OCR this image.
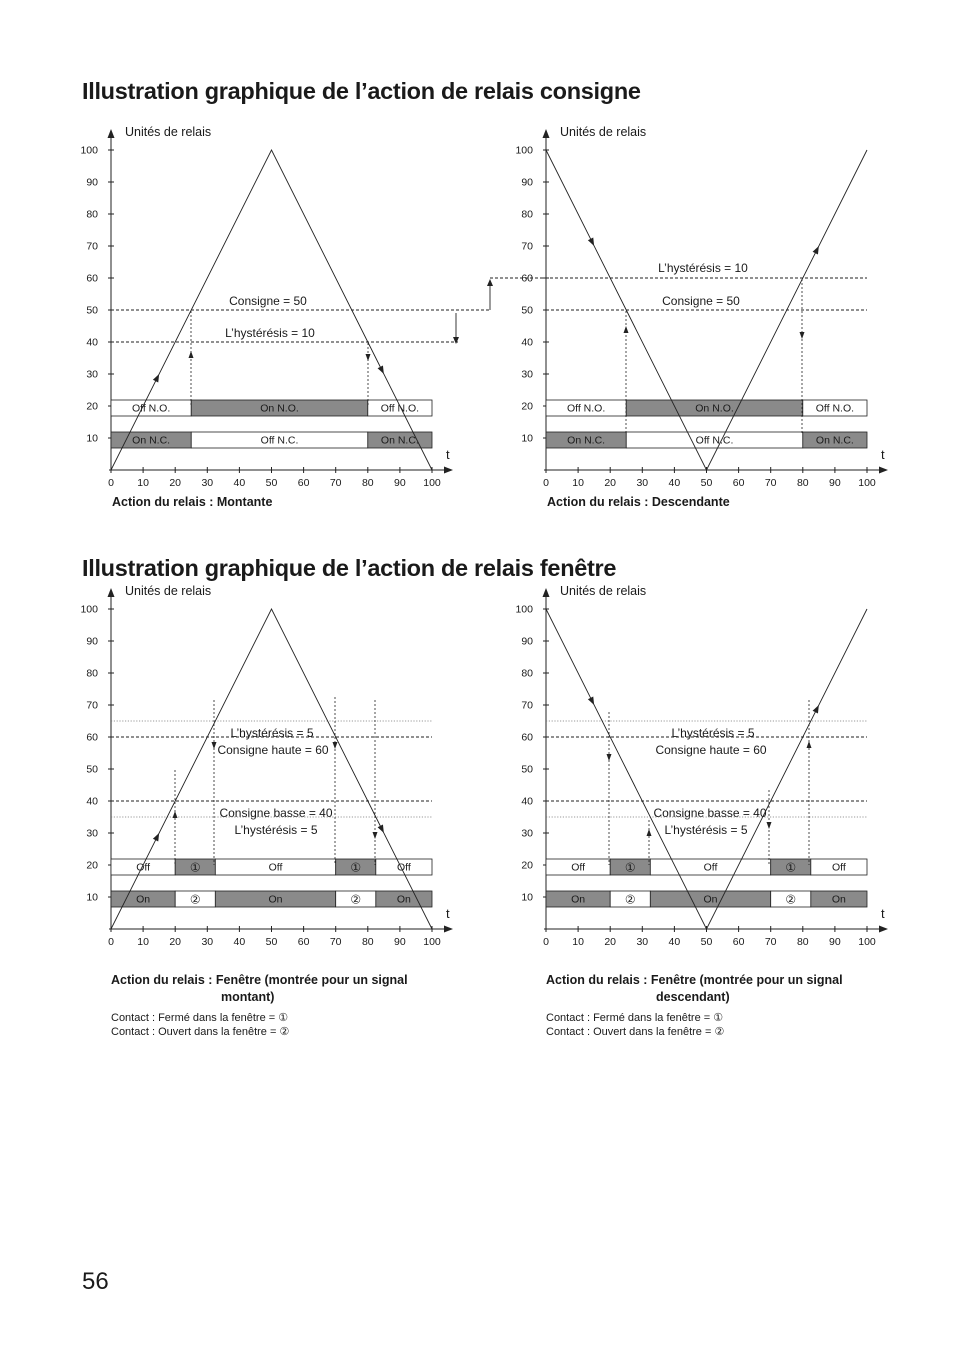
Illustration graphique de l’action de relais consigne
Illustration graphique de l’action de relais fenêtre
10
20
30
40
50
60
70
80
90
100
0 10 20 30 40 50 60 70 80 90 100
Unités de relais
t
Consigne = 50
L’hystérésis = 10
Off N.O.	On N.O.	Off N.O.
On N.C.	Off N.C.	On N.C.
Action du relais : Montante
10
20
30
40
50
60
70
80
90
100
0 10 20 30 40 50 60 70 80 90 100
Unités de relais
t
L’hystérésis = 10
Consigne = 50
Off N.O.	On N.O.	Off N.O.
On N.C.	Off N.C.	On N.C.
Action du relais : Descendante
10
20
30
40
50
60
70
80
90
100
0 10 20 30 40 50 60 70 80 90 100
Unités de relais
t
L’hystérésis = 5
Consigne haute = 60
Consigne basse = 40
L’hystérésis = 5
Off	①	Off	①	Off
On	②	On	②	On
Action du relais : Fenêtre (montrée pour un signal
montant)
Contact : Fermé dans la fenêtre = ①
Contact : Ouvert dans la fenêtre = ②
10
20
30
40
50
60
70
80
90
100
0 10 20 30 40 50 60 70 80 90 100
Unités de relais
t
L’hystérésis = 5
Consigne haute = 60
Consigne basse = 40
L’hystérésis = 5
Off	①	Off	①	Off
On	②	On	②	On
Action du relais : Fenêtre (montrée pour un signal
descendant)
Contact : Fermé dans la fenêtre = ①
Contact : Ouvert dans la fenêtre = ②
56
